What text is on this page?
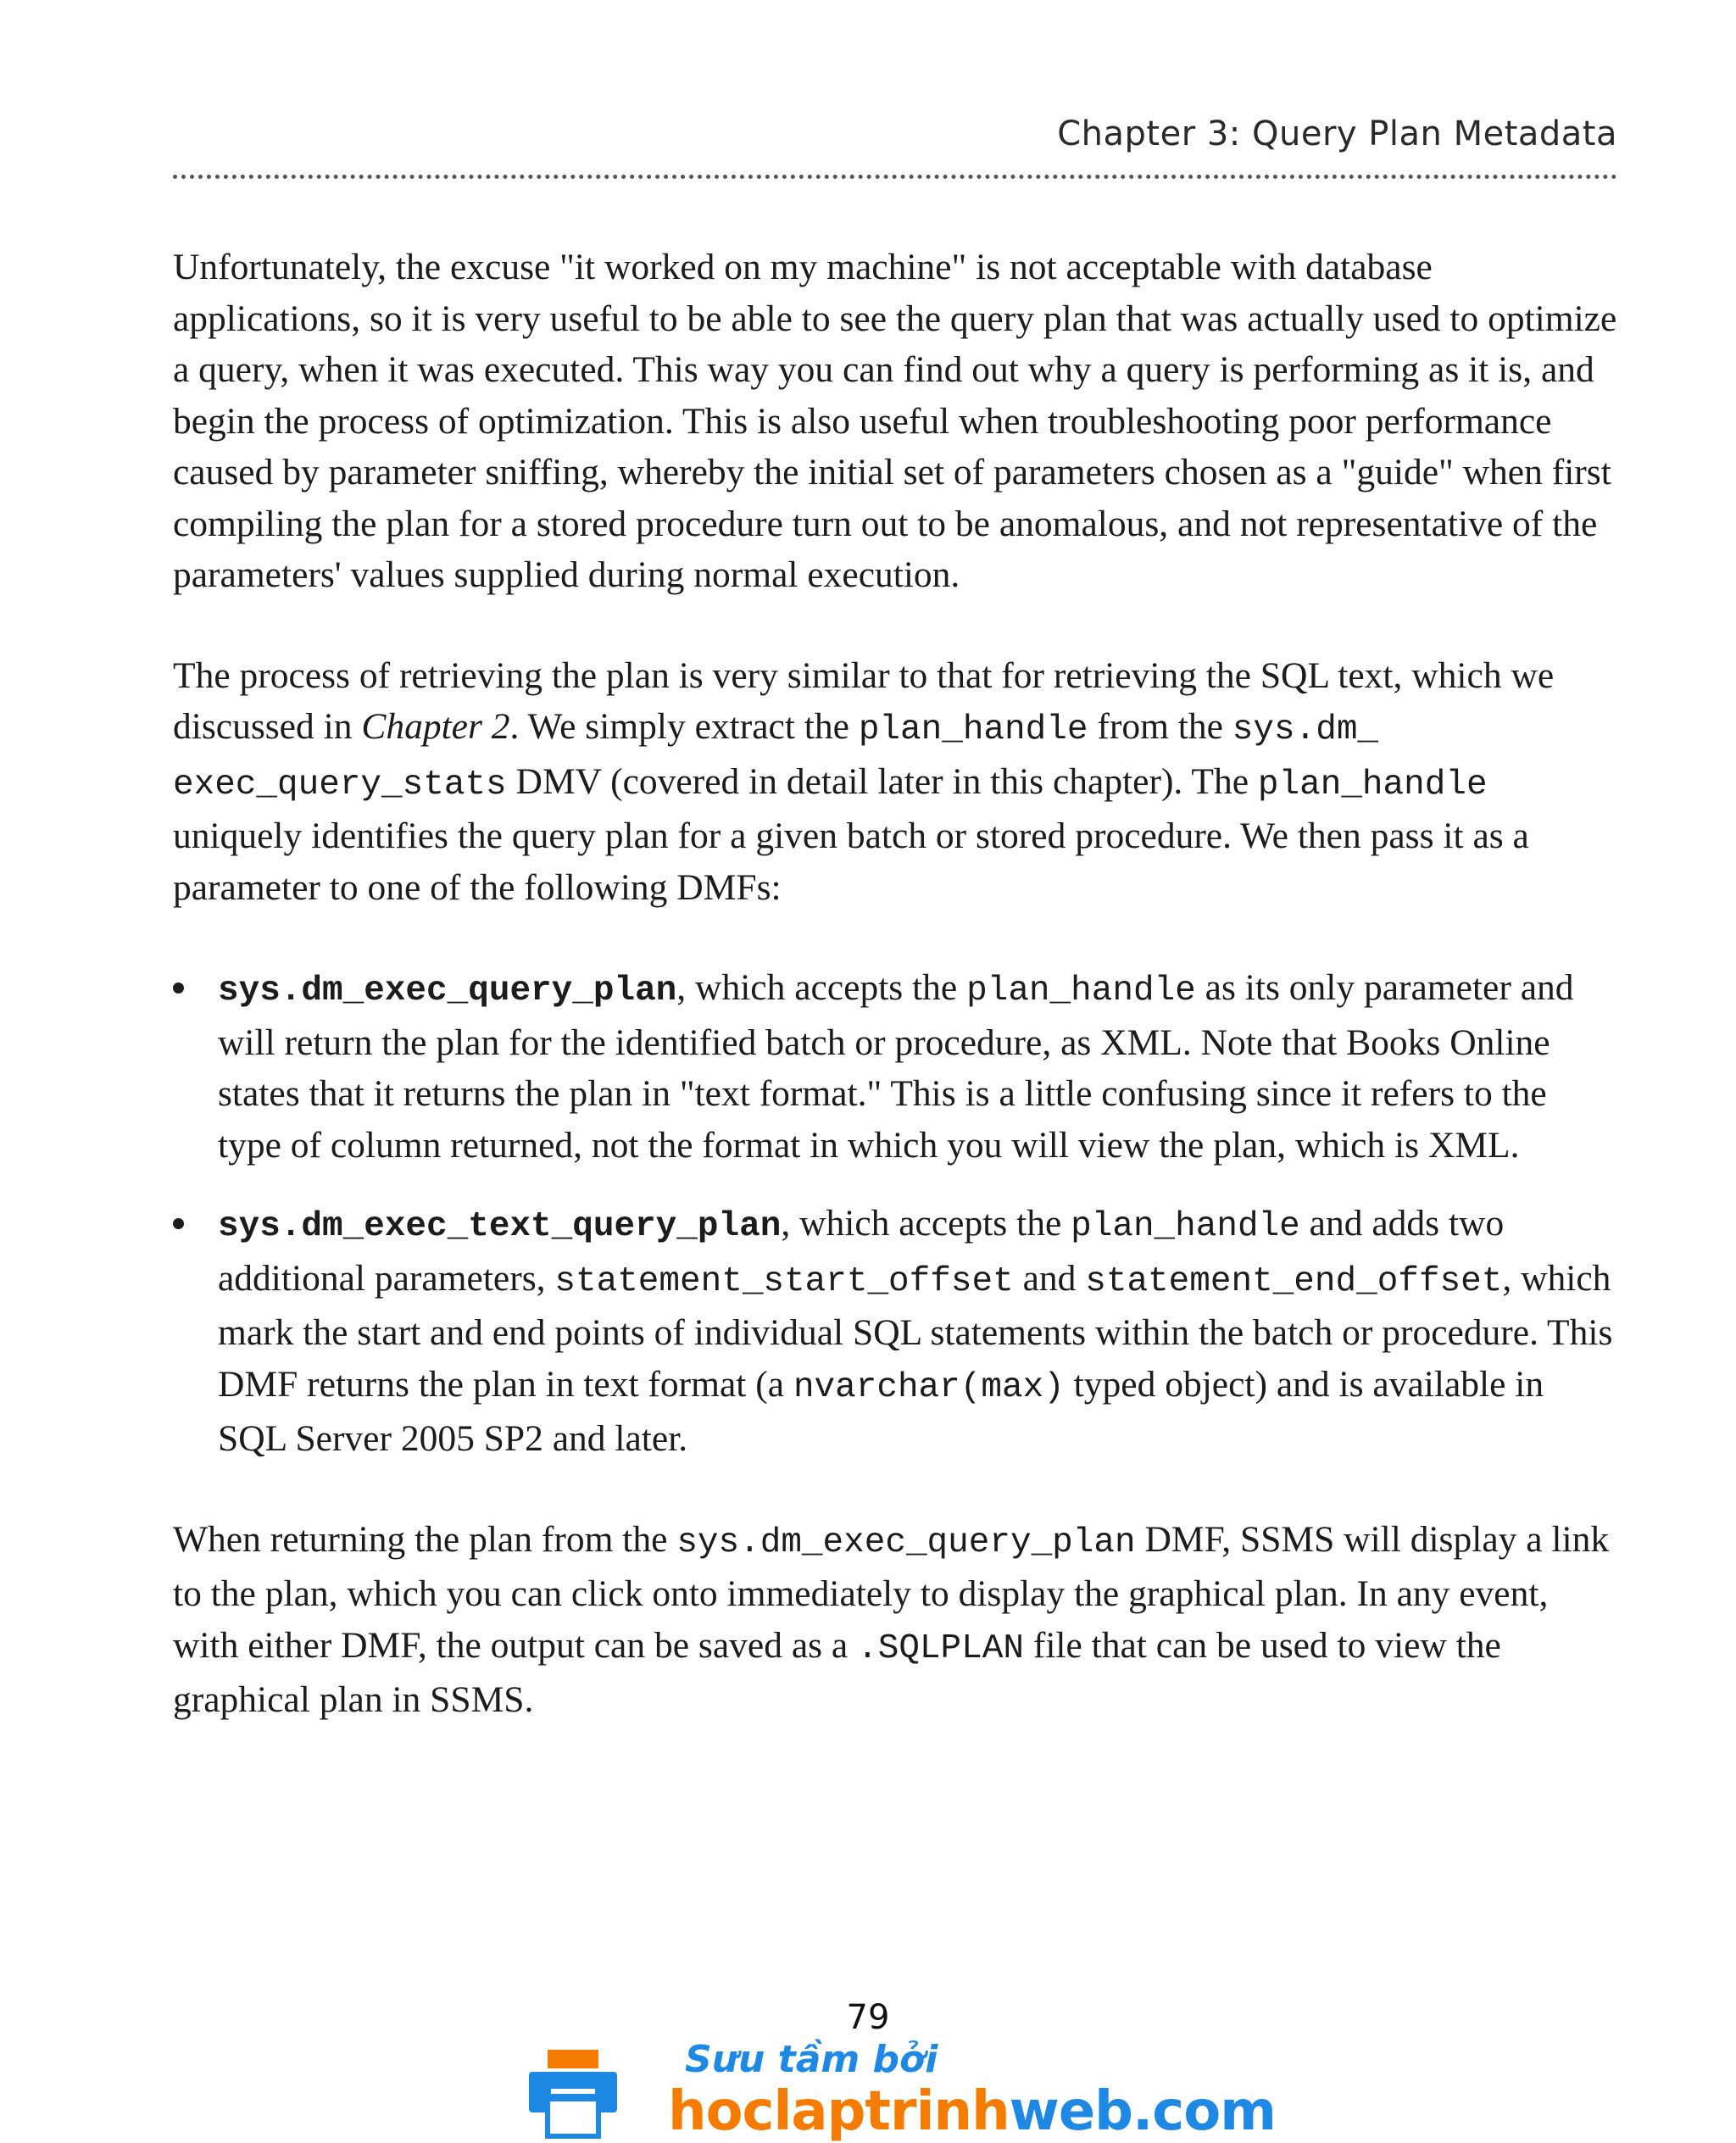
Chapter 3: Query Plan Metadata

Unfortunately, the excuse "it worked on my machine" is not acceptable with database applications, so it is very useful to be able to see the query plan that was actually used to optimize a query, when it was executed. This way you can find out why a query is performing as it is, and begin the process of optimization. This is also useful when troubleshooting poor performance caused by parameter sniffing, whereby the initial set of parameters chosen as a "guide" when first compiling the plan for a stored procedure turn out to be anomalous, and not representative of the parameters' values supplied during normal execution.

The process of retrieving the plan is very similar to that for retrieving the SQL text, which we discussed in Chapter 2. We simply extract the plan_handle from the sys.dm_ exec_query_stats DMV (covered in detail later in this chapter). The plan_handle uniquely identifies the query plan for a given batch or stored procedure. We then pass it as a parameter to one of the following DMFs:

sys.dm_exec_query_plan, which accepts the plan_handle as its only parameter and will return the plan for the identified batch or procedure, as XML. Note that Books Online states that it returns the plan in "text format." This is a little confusing since it refers to the type of column returned, not the format in which you will view the plan, which is XML.
sys.dm_exec_text_query_plan, which accepts the plan_handle and adds two additional parameters, statement_start_offset and statement_end_offset, which mark the start and end points of individual SQL statements within the batch or procedure. This DMF returns the plan in text format (a nvarchar(max) typed object) and is available in SQL Server 2005 SP2 and later.

When returning the plan from the sys.dm_exec_query_plan DMF, SSMS will display a link to the plan, which you can click onto immediately to display the graphical plan. In any event, with either DMF, the output can be saved as a .SQLPLAN file that can be used to view the graphical plan in SSMS.

79
Sưu tầm bởi
hoclaptrinhweb.com
